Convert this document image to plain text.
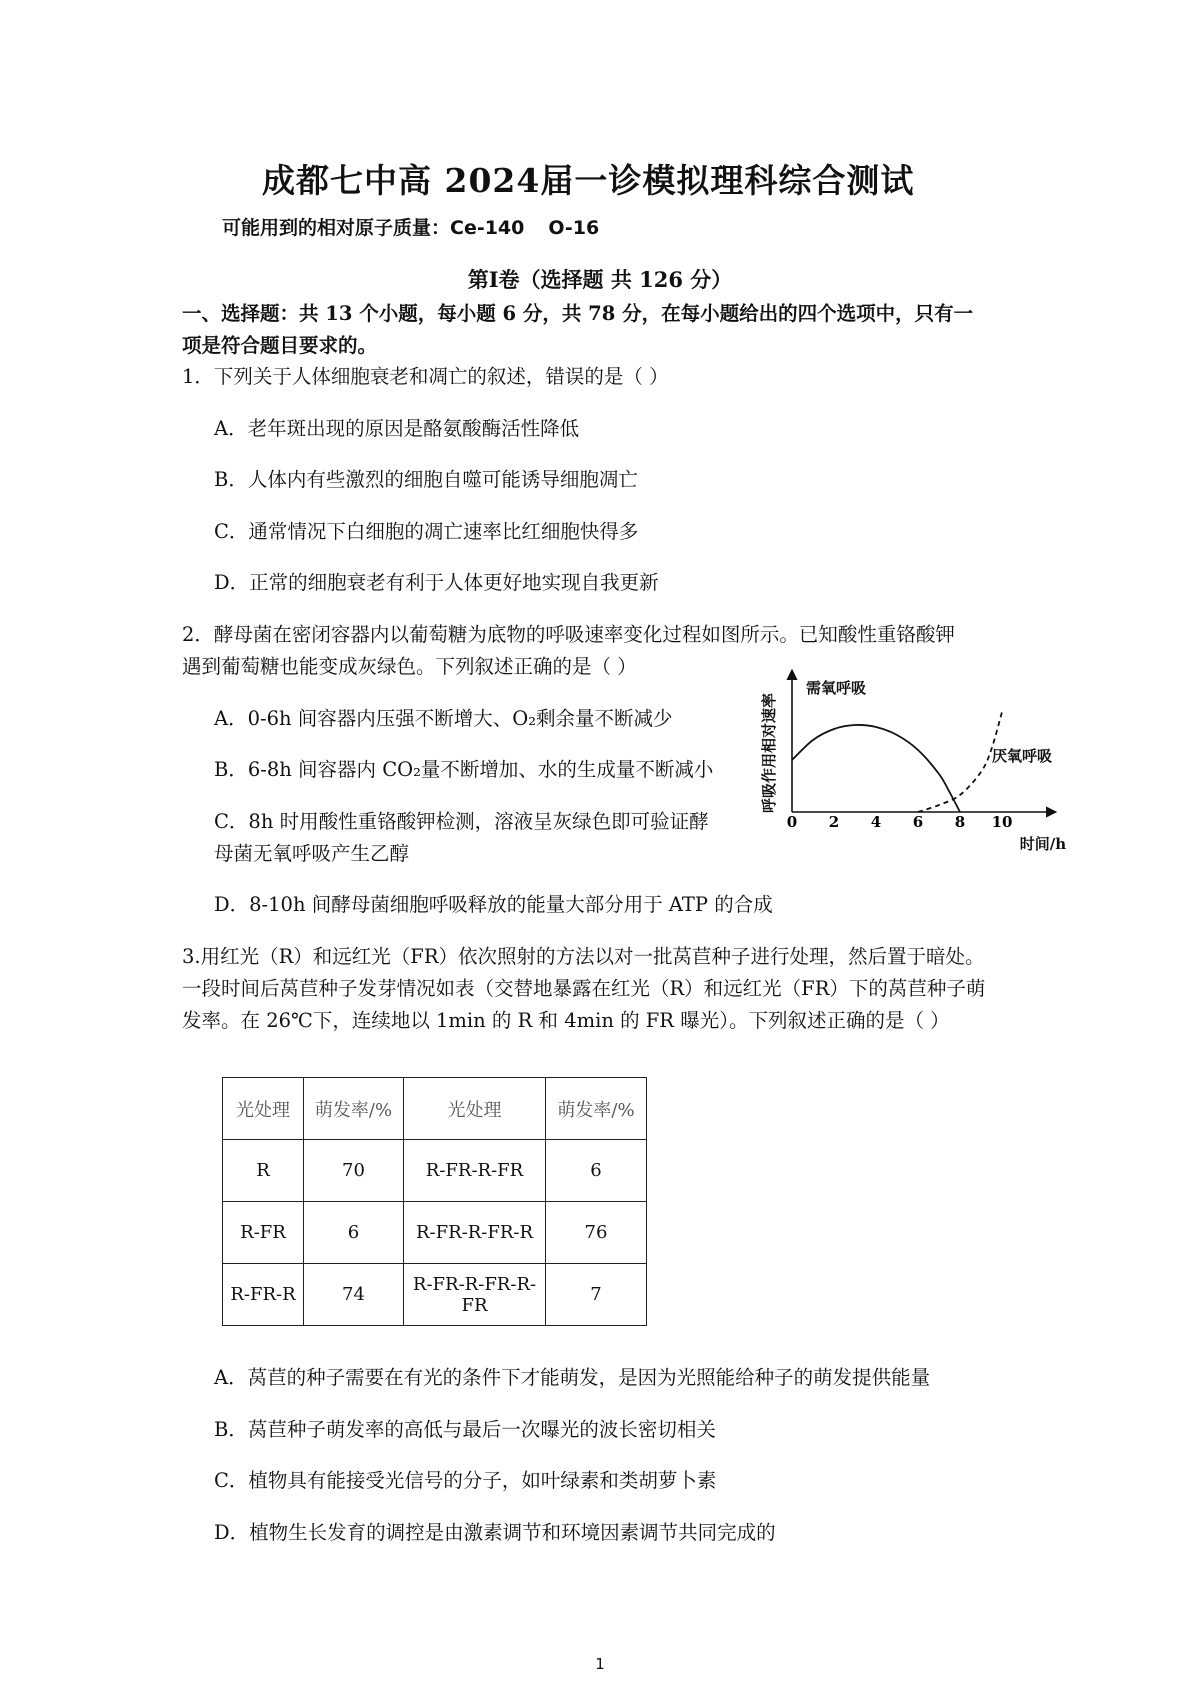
成都七中高 2024届一诊模拟理科综合测试
可能用到的相对原子质量：Ce-140 O-16
第Ⅰ卷（选择题 共 126 分）
一、选择题：共 13 个小题，每小题 6 分，共 78 分，在每小题给出的四个选项中，只有一
项是符合题目要求的。
1．下列关于人体细胞衰老和凋亡的叙述，错误的是（ ）
A．老年斑出现的原因是酪氨酸酶活性降低
B．人体内有些激烈的细胞自噬可能诱导细胞凋亡
C．通常情况下白细胞的凋亡速率比红细胞快得多
D．正常的细胞衰老有利于人体更好地实现自我更新
2．酵母菌在密闭容器内以葡萄糖为底物的呼吸速率变化过程如图所示。已知酸性重铬酸钾
遇到葡萄糖也能变成灰绿色。下列叙述正确的是（ ）
A．0-6h 间容器内压强不断增大、O₂剩余量不断减少
B．6-8h 间容器内 CO₂量不断增加、水的生成量不断减小
C．8h 时用酸性重铬酸钾检测，溶液呈灰绿色即可验证酵
母菌无氧呼吸产生乙醇
D．8-10h 间酵母菌细胞呼吸释放的能量大部分用于 ATP 的合成
呼吸作用相对速率
时间/h
0 2 4 6 8 10
需氧呼吸
厌氧呼吸
3.用红光（R）和远红光（FR）依次照射的方法以对一批莴苣种子进行处理，然后置于暗处。
一段时间后莴苣种子发芽情况如表（交替地暴露在红光（R）和远红光（FR）下的莴苣种子萌
发率。在 26℃下，连续地以 1min 的 R 和 4min 的 FR 曝光）。下列叙述正确的是（ ）
光处理	萌发率/%	光处理	萌发率/%
R	70	R-FR-R-FR	6
R-FR	6	R-FR-R-FR-R	76
R-FR-R	74	R-FR-R-FR-R-FR	7
A．莴苣的种子需要在有光的条件下才能萌发，是因为光照能给种子的萌发提供能量
B．莴苣种子萌发率的高低与最后一次曝光的波长密切相关
C．植物具有能接受光信号的分子，如叶绿素和类胡萝卜素
D．植物生长发育的调控是由激素调节和环境因素调节共同完成的
1
